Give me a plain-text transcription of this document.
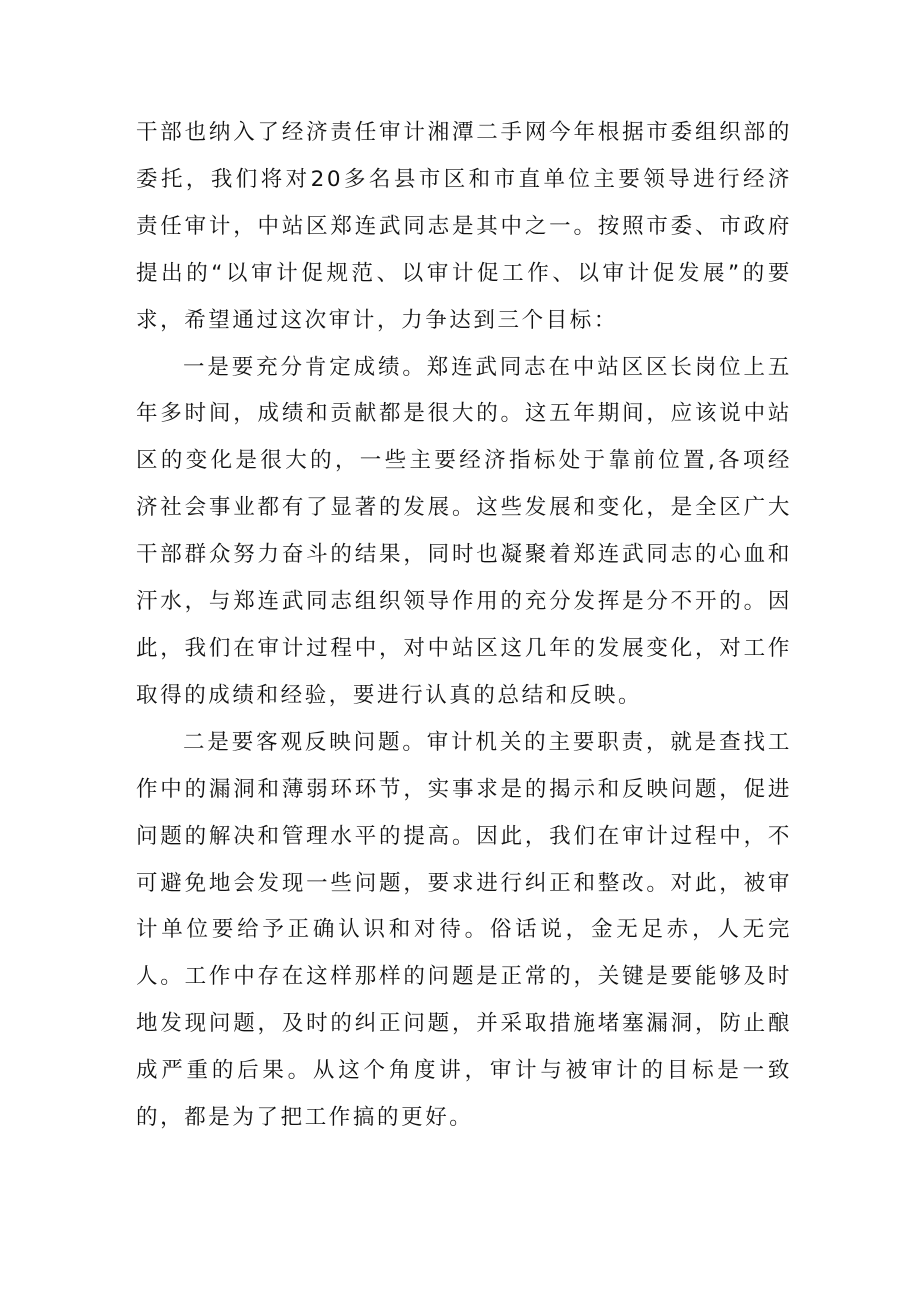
干部也纳入了经济责任审计湘潭二手网今年根据市委组织部的委托，我们将对20多名县市区和市直单位主要领导进行经济责任审计，中站区郑连武同志是其中之一。按照市委、市政府提出的“以审计促规范、以审计促工作、以审计促发展”的要求，希望通过这次审计，力争达到三个目标：

一是要充分肯定成绩。郑连武同志在中站区区长岗位上五年多时间，成绩和贡献都是很大的。这五年期间，应该说中站区的变化是很大的，一些主要经济指标处于靠前位置,各项经济社会事业都有了显著的发展。这些发展和变化，是全区广大干部群众努力奋斗的结果，同时也凝聚着郑连武同志的心血和汗水，与郑连武同志组织领导作用的充分发挥是分不开的。因此，我们在审计过程中，对中站区这几年的发展变化，对工作取得的成绩和经验，要进行认真的总结和反映。

二是要客观反映问题。审计机关的主要职责，就是查找工作中的漏洞和薄弱环环节，实事求是的揭示和反映问题，促进问题的解决和管理水平的提高。因此，我们在审计过程中，不可避免地会发现一些问题，要求进行纠正和整改。对此，被审计单位要给予正确认识和对待。俗话说，金无足赤，人无完人。工作中存在这样那样的问题是正常的，关键是要能够及时地发现问题，及时的纠正问题，并采取措施堵塞漏洞，防止酿成严重的后果。从这个角度讲，审计与被审计的目标是一致的，都是为了把工作搞的更好。
